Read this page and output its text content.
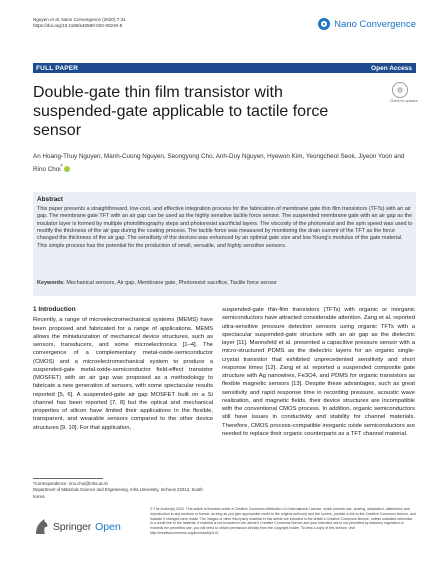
Nguyen et al. Nano Convergence (2020) 7:31
https://doi.org/10.1186/s40580-020-00240-9	Nano Convergence
FULL PAPER	Open Access
Double-gate thin film transistor with suspended-gate applicable to tactile force sensor
Check for updates
An Hoang-Thuy Nguyen, Manh-Cuong Nguyen, Seongyong Cho, Anh-Duy Nguyen, Hyewon Kim, Yeongcheol Seok, Jiyeon Yoon and Rino Choi*
Abstract
This paper presents a straightforward, low-cost, and effective integration process for the fabrication of membrane gate thin film transistors (TFTs) with an air gap. The membrane gate TFT with an air gap can be used as the highly sensitive tactile force sensor. The suspended membrane gate with an air gap as the insulator layer is formed by multiple photolithography steps and photoresist sacrificial layers. The viscosity of the photoresist and the spin speed was used to modify the thickness of the air gap during the coating process. The tactile force was measured by monitoring the drain current of the TFT as the force changed the thickness of the air gap. The sensitivity of the devices was enhanced by an optimal gate size and low Young's modulus of the gate material. This simple process has the potential for the production of small, versatile, and highly sensitive sensors.
Keywords: Mechanical sensors, Air gap, Membrane gate, Photoresist sacrifice, Tactile force sensor
1 Introduction
Recently, a range of microelectromechanical systems (MEMS) have been proposed and fabricated for a range of applications. MEMS allows the miniaturization of mechanical device structures, such as sensors, transducers, and some microelectronics [1–4]. The convergence of a complementary metal-oxide-semiconductor (CMOS) and a microelectromechanical system to produce a suspended-gate metal-oxide-semiconductor field-effect transistor (MOSFET) with an air gap was proposed as a methodology to fabricate a new generation of sensors, with some spectacular results reported [5, 6]. A suspended-gate air gap MOSFET built on a Si channel has been reported [7, 8] but the optical and mechanical properties of silicon have limited their applications in the flexible, transparent, and wearable sensors compared to the other device structures [9, 10]. For that application,
suspended-gate thin-film transistors (TFTs) with organic or inorganic semiconductors have attracted considerable attention. Zang et al. reported ultra-sensitive pressure detection sensors using organic TFTs with a spectacular suspended-gate structure with an air gap as the dielectric layer [11]. Mannsfeld et al. presented a capacitive pressure sensor with a micro-structured PDMS as the dielectric layers for an organic single-crystal transistor that exhibited unprecedented sensitivity and short response times [12]. Zang et al. reported a suspended composite gate structure with Ag nanowires, Fe3O4, and PDMS for organic transistors as flexible magnetic sensors [13]. Despite these advantages, such as great sensitivity and rapid response time in recording pressure, acoustic wave realization, and magnetic fields, their device structures are incompatible with the conventional CMOS process. In addition, organic semiconductors still have issues in conductivity and stability for channel materials. Therefore, CMOS process-compatible inorganic oxide semiconductors are needed to replace their organic counterparts as a TFT channel material.
*Correspondence: rino.choi@inha.ac.kr
Department of Materials Science and Engineering, Inha University, Incheon 22212, South Korea
Springer Open
© The Author(s) 2020. This article is licensed under a Creative Commons Attribution 4.0 International License, which permits use, sharing, adaptation, distribution and reproduction in any medium or format, as long as you give appropriate credit to the original author(s) and the source, provide a link to the Creative Commons licence, and indicate if changes were made. The images or other third party material in this article are included in the article's Creative Commons licence, unless indicated otherwise in a credit line to the material. If material is not included in the article's Creative Commons licence and your intended use is not permitted by statutory regulation or exceeds the permitted use, you will need to obtain permission directly from the copyright holder. To view a copy of this licence, visit http://creativecommons.org/licenses/by/4.0/.
